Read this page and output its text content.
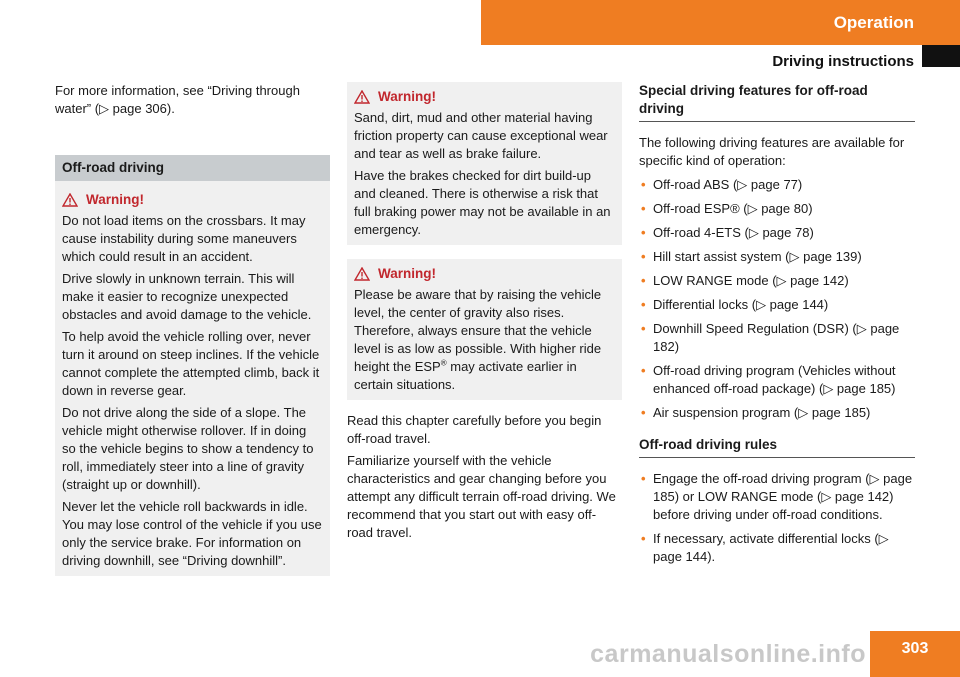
Operation
Driving instructions

For more information, see “Driving through water” (▷ page 306).

Off-road driving
Warning!

Do not load items on the crossbars. It may cause instability during some maneuvers which could result in an accident.

Drive slowly in unknown terrain. This will make it easier to recognize unexpected obstacles and avoid damage to the vehicle.

To help avoid the vehicle rolling over, never turn it around on steep inclines. If the vehicle cannot complete the attempted climb, back it down in reverse gear.

Do not drive along the side of a slope. The vehicle might otherwise rollover. If in doing so the vehicle begins to show a tendency to roll, immediately steer into a line of gravity (straight up or downhill).

Never let the vehicle roll backwards in idle. You may lose control of the vehicle if you use only the service brake. For information on driving downhill, see “Driving downhill”.

Warning!

Sand, dirt, mud and other material having friction property can cause exceptional wear and tear as well as brake failure.

Have the brakes checked for dirt build-up and cleaned. There is otherwise a risk that full braking power may not be available in an emergency.

Warning!

Please be aware that by raising the vehicle level, the center of gravity also rises. Therefore, always ensure that the vehicle level is as low as possible. With higher ride height the ESP® may activate earlier in certain situations.

Read this chapter carefully before you begin off-road travel.

Familiarize yourself with the vehicle characteristics and gear changing before you attempt any difficult terrain off-road driving. We recommend that you start out with easy off-road travel.

Special driving features for off-road driving

The following driving features are available for specific kind of operation:

• Off-road ABS (▷ page 77)
• Off-road ESP® (▷ page 80)
• Off-road 4-ETS (▷ page 78)
• Hill start assist system (▷ page 139)
• LOW RANGE mode (▷ page 142)
• Differential locks (▷ page 144)
• Downhill Speed Regulation (DSR) (▷ page 182)
• Off-road driving program (Vehicles without enhanced off-road package) (▷ page 185)
• Air suspension program (▷ page 185)
Off-road driving rules
• Engage the off-road driving program (▷ page 185) or LOW RANGE mode (▷ page 142) before driving under off-road conditions.
• If necessary, activate differential locks (▷ page 144).
carmanualsonline.info	303
